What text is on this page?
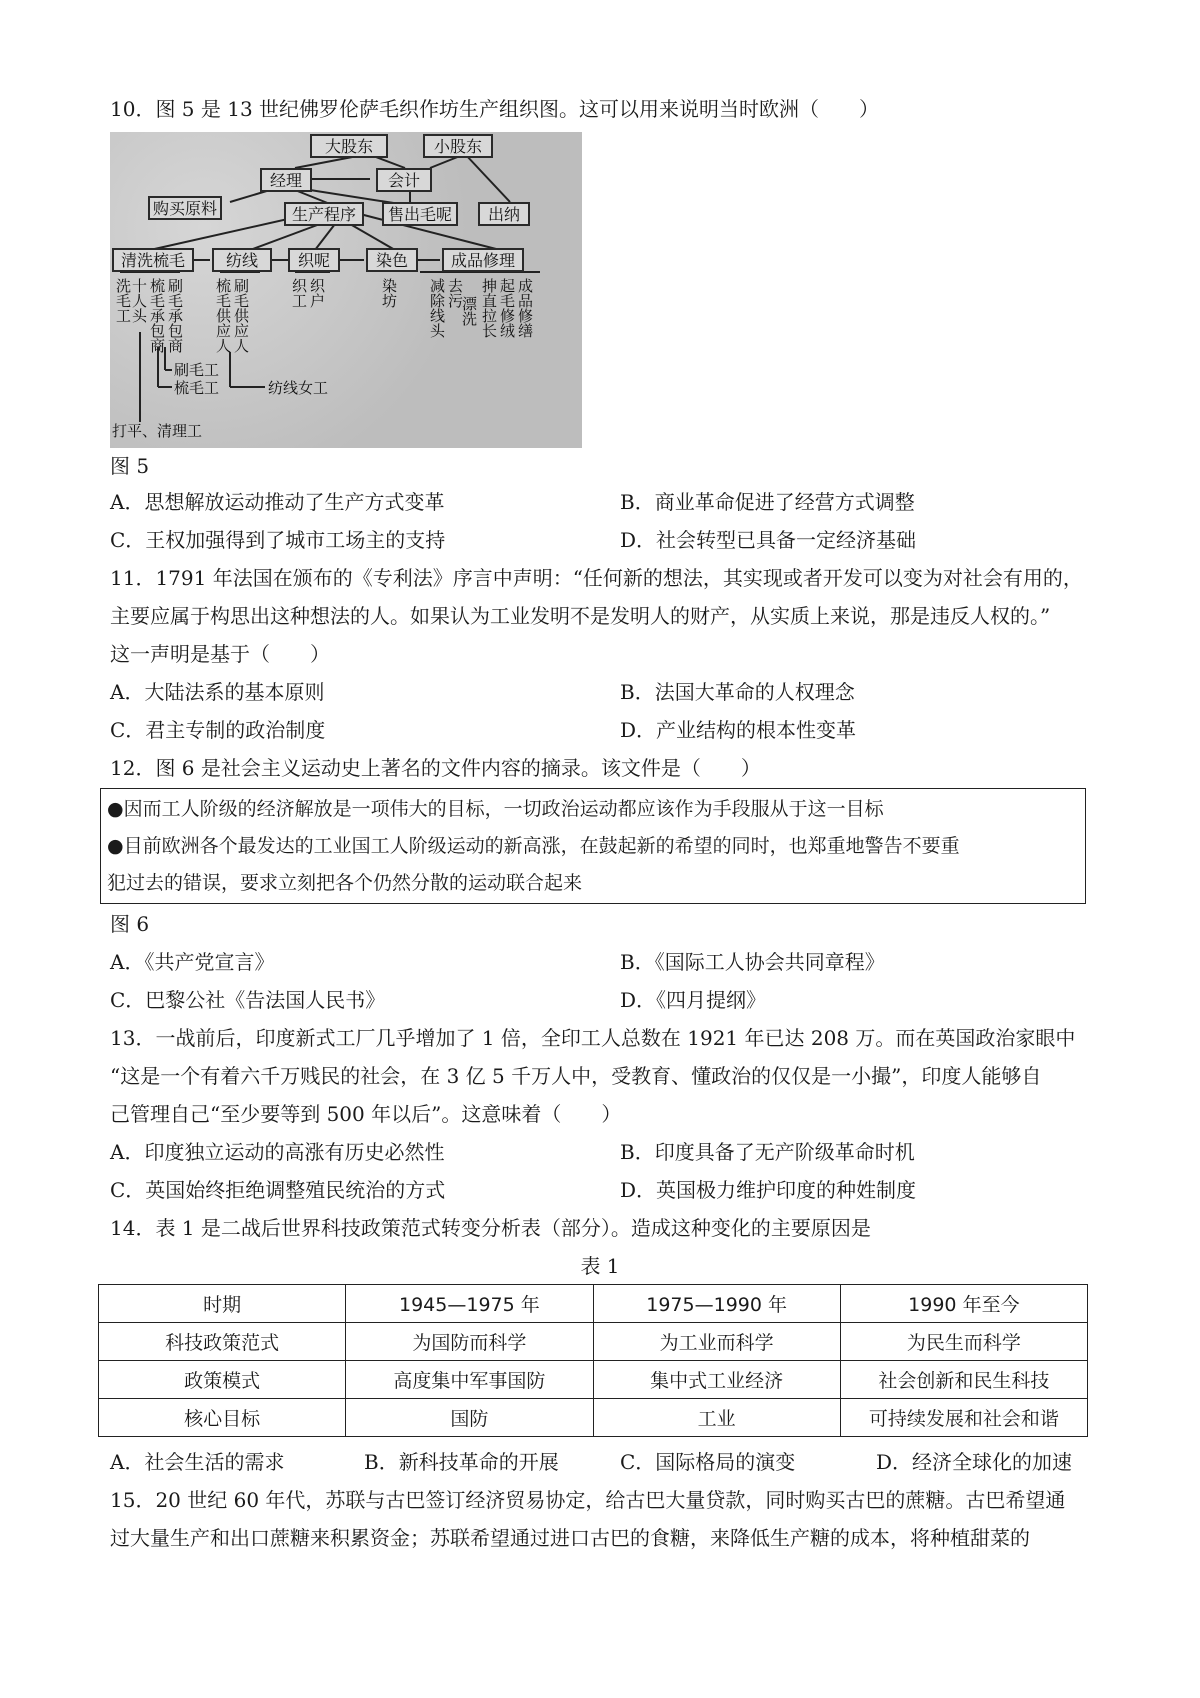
10．图 5 是 13 世纪佛罗伦萨毛织作坊生产组织图。这可以用来说明当时欧洲（　　）
大股东	小股东
经理	会计
购买原料	生产程序	售出毛呢	出纳
清洗梳毛	纺线	织呢	染色	成品修理
洗毛工
十人头 梳毛承包商 刷毛承包商 梳毛供应人 刷毛供应人	织工 织户	染坊 减除线头 去污
漂洗 抻直拉长 起毛修绒 成品修缮
刷毛工
梳毛工	纺线女工
打平、清理工
图 5
A．思想解放运动推动了生产方式变革	B．商业革命促进了经营方式调整
C．王权加强得到了城市工场主的支持	D．社会转型已具备一定经济基础
11．1791 年法国在颁布的《专利法》序言中声明：“任何新的想法，其实现或者开发可以变为对社会有用的，
主要应属于构思出这种想法的人。如果认为工业发明不是发明人的财产，从实质上来说，那是违反人权的。”
这一声明是基于（　　）
A．大陆法系的基本原则	B．法国大革命的人权理念
C．君主专制的政治制度	D．产业结构的根本性变革
12．图 6 是社会主义运动史上著名的文件内容的摘录。该文件是（　　）
●因而工人阶级的经济解放是一项伟大的目标，一切政治运动都应该作为手段服从于这一目标
●目前欧洲各个最发达的工业国工人阶级运动的新高涨，在鼓起新的希望的同时，也郑重地警告不要重
犯过去的错误，要求立刻把各个仍然分散的运动联合起来
图 6
A．《共产党宣言》	B．《国际工人协会共同章程》
C．巴黎公社《告法国人民书》	D．《四月提纲》
13．一战前后，印度新式工厂几乎增加了 1 倍，全印工人总数在 1921 年已达 208 万。而在英国政治家眼中
“这是一个有着六千万贱民的社会，在 3 亿 5 千万人中，受教育、懂政治的仅仅是一小撮”，印度人能够自
己管理自己“至少要等到 500 年以后”。这意味着（　　）
A．印度独立运动的高涨有历史必然性	B．印度具备了无产阶级革命时机
C．英国始终拒绝调整殖民统治的方式	D．英国极力维护印度的种姓制度
14．表 1 是二战后世界科技政策范式转变分析表（部分）。造成这种变化的主要原因是
表 1
时期	1945—1975 年	1975—1990 年	1990 年至今
科技政策范式	为国防而科学	为工业而科学	为民生而科学
政策模式	高度集中军事国防	集中式工业经济	社会创新和民生科技
核心目标	国防	工业	可持续发展和社会和谐
A．社会生活的需求	B．新科技革命的开展	C．国际格局的演变	D．经济全球化的加速
15．20 世纪 60 年代，苏联与古巴签订经济贸易协定，给古巴大量贷款，同时购买古巴的蔗糖。古巴希望通
过大量生产和出口蔗糖来积累资金；苏联希望通过进口古巴的食糖，来降低生产糖的成本，将种植甜菜的
